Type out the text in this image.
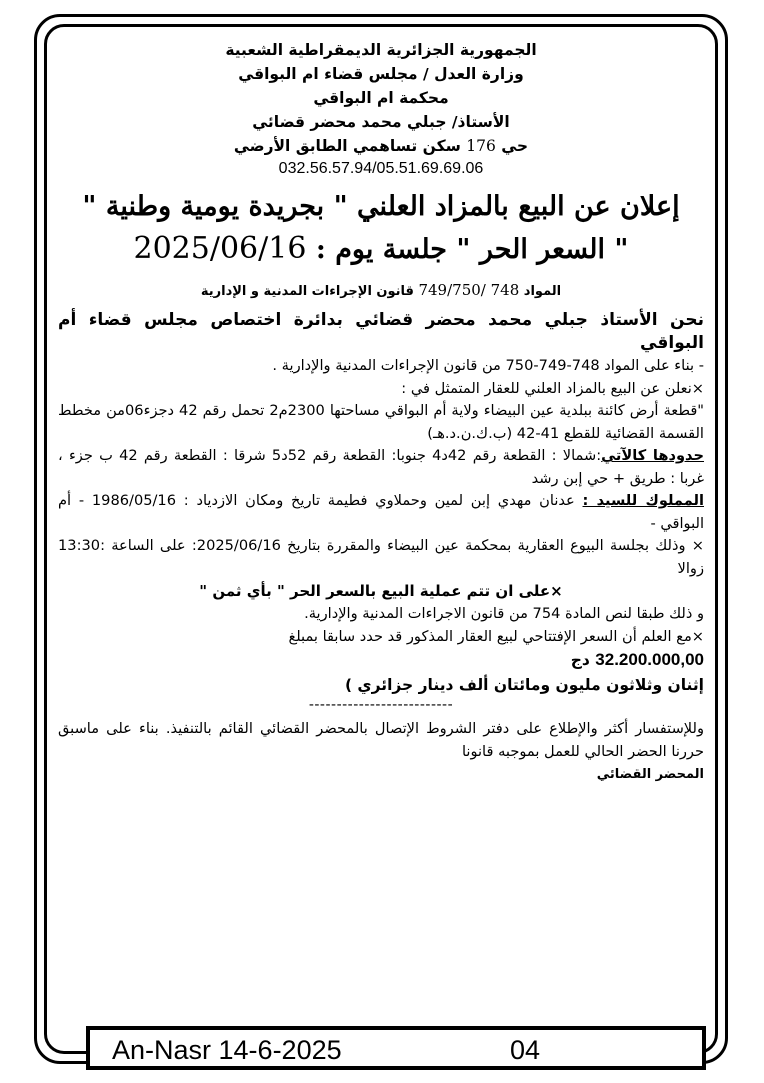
الجمهورية الجزائرية الديمقراطية الشعبية
وزارة العدل / مجلس قضاء ام البواقي
محكمة ام البواقي
الأستاذ/ جبلي محمد محضر قضائي
حي 176 سكن تساهمي الطابق الأرضي
032.56.57.94/05.51.69.69.06
إعلان عن البيع بالمزاد العلني " بجريدة يومية وطنية "
" السعر الحر " جلسة يوم : 2025/06/16
المواد 748 /749/750 قانون الإجراءات المدنية و الإدارية
نحن الأستاذ جبلي محمد محضر قضائي بدائرة اختصاص مجلس قضاء أم البواقي

- بناء على المواد 748-749-750 من قانون الإجراءات المدنية والإدارية .

×نعلن عن البيع بالمزاد العلني للعقار المتمثل في :

"قطعة أرض كائنة ببلدية عين البيضاء ولاية أم البواقي مساحتها 2300م2 تحمل رقم 42 دجزء06من مخطط القسمة القضائية للقطع 41-42 (ب.ك.ن.د.هـ)

حدودها كالآتي:شمالا : القطعة رقم 42د4 جنوبا: القطعة رقم 52د5 شرقا : القطعة رقم 42 ب جزء ، غربا : طريق + حي إبن رشد

المملوك للسيد : عدنان مهدي إبن لمين وحملاوي فطيمة تاريخ ومكان الازدياد : 1986/05/16 - أم البواقي -

× وذلك بجلسة البيوع العقارية بمحكمة عين البيضاء والمقررة بتاريخ 2025/06/16: على الساعة :13:30 زوالا

×على ان تتم عملية البيع بالسعر الحر " بأي ثمن "

و ذلك طبقا لنص المادة 754 من قانون الاجراءات المدنية والإدارية.

×مع العلم أن السعر الإفتتاحي لبيع العقار المذكور قد حدد سابقا بمبلغ

32.200.000,00 دج
إثنان وثلاثون مليون ومائتان ألف دينار جزائري )
--------------------------

وللإستفسار أكثر والإطلاع على دفتر الشروط الإتصال بالمحضر القضائي القائم بالتنفيذ. بناء على ماسبق حررنا الحضر الحالي للعمل بموجبه قانونا

المحضر القضائي
An-Nasr 14-6-2025	04
